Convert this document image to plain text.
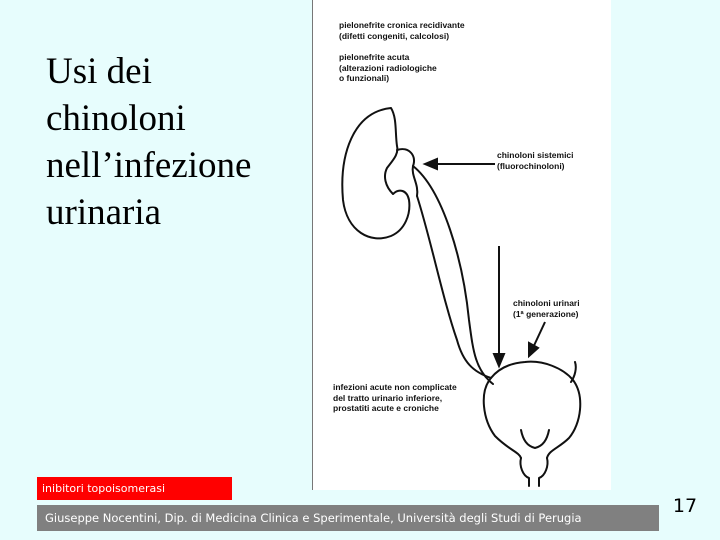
Usi dei
chinoloni
nell’infezione
urinaria

pielonefrite cronica recidivante
(difetti congeniti, calcolosi)

pielonefrite acuta
(alterazioni radiologiche
o funzionali)

chinoloni sistemici
(fluorochinoloni)

chinoloni urinari
(1ª generazione)

infezioni acute non complicate
del tratto urinario inferiore,
prostatiti acute e croniche

inibitori topoisomerasi
Giuseppe Nocentini, Dip. di Medicina Clinica e Sperimentale, Università degli Studi di Perugia
17
